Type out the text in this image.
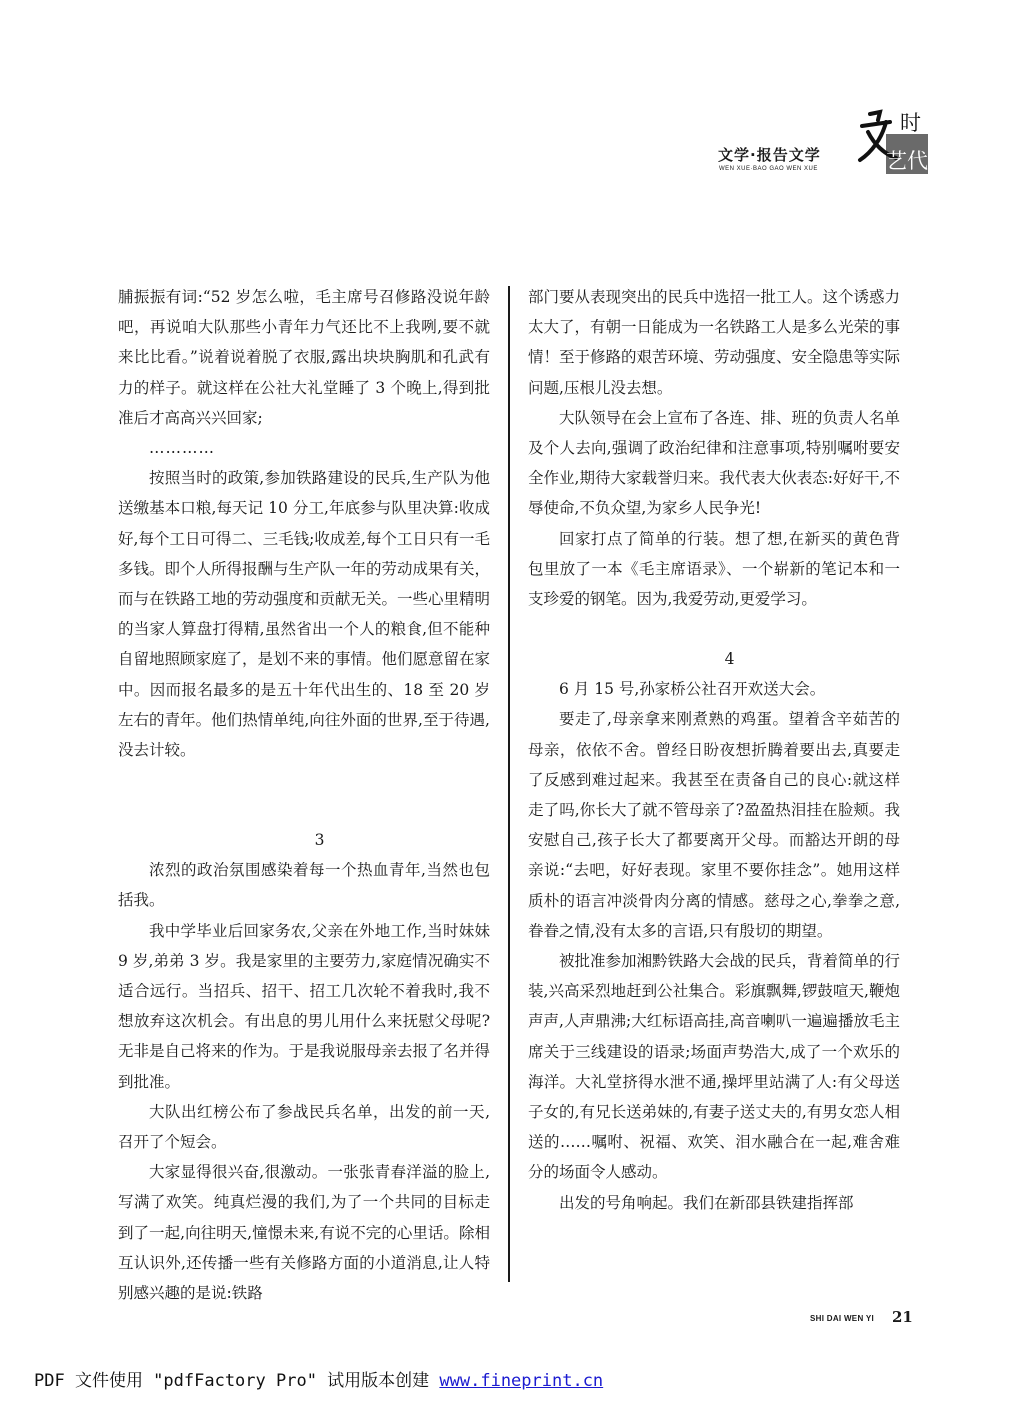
文学·报告文学
WEN XUE·BAO GAO WEN XUE
时
艺 代

脯振振有词:“52 岁怎么啦，毛主席号召修路没说年龄吧，再说咱大队那些小青年力气还比不上我咧,要不就来比比看。”说着说着脱了衣服,露出块块胸肌和孔武有力的样子。就这样在公社大礼堂睡了 3 个晚上,得到批准后才高高兴兴回家;

…………

按照当时的政策,参加铁路建设的民兵,生产队为他送缴基本口粮,每天记 10 分工,年底参与队里决算:收成好,每个工日可得二、三毛钱;收成差,每个工日只有一毛多钱。即个人所得报酬与生产队一年的劳动成果有关，而与在铁路工地的劳动强度和贡献无关。一些心里精明的当家人算盘打得精,虽然省出一个人的粮食,但不能种自留地照顾家庭了，是划不来的事情。他们愿意留在家中。因而报名最多的是五十年代出生的、18 至 20 岁左右的青年。他们热情单纯,向往外面的世界,至于待遇,没去计较。

3

浓烈的政治氛围感染着每一个热血青年,当然也包括我。

我中学毕业后回家务农,父亲在外地工作,当时妹妹 9 岁,弟弟 3 岁。我是家里的主要劳力,家庭情况确实不适合远行。当招兵、招干、招工几次轮不着我时,我不想放弃这次机会。有出息的男儿用什么来抚慰父母呢?无非是自己将来的作为。于是我说服母亲去报了名并得到批准。

大队出红榜公布了参战民兵名单，出发的前一天,召开了个短会。

大家显得很兴奋,很激动。一张张青春洋溢的脸上,写满了欢笑。纯真烂漫的我们,为了一个共同的目标走到了一起,向往明天,憧憬未来,有说不完的心里话。除相互认识外,还传播一些有关修路方面的小道消息,让人特别感兴趣的是说:铁路

部门要从表现突出的民兵中选招一批工人。这个诱惑力太大了，有朝一日能成为一名铁路工人是多么光荣的事情！至于修路的艰苦环境、劳动强度、安全隐患等实际问题,压根儿没去想。

大队领导在会上宣布了各连、排、班的负责人名单及个人去向,强调了政治纪律和注意事项,特别嘱咐要安全作业,期待大家载誉归来。我代表大伙表态:好好干,不辱使命,不负众望,为家乡人民争光!

回家打点了简单的行装。想了想,在新买的黄色背包里放了一本《毛主席语录》、一个崭新的笔记本和一支珍爱的钢笔。因为,我爱劳动,更爱学习。

4

6 月 15 号,孙家桥公社召开欢送大会。

要走了,母亲拿来刚煮熟的鸡蛋。望着含辛茹苦的母亲，依依不舍。曾经日盼夜想折腾着要出去,真要走了反感到难过起来。我甚至在责备自己的良心:就这样走了吗,你长大了就不管母亲了?盈盈热泪挂在脸颊。我安慰自己,孩子长大了都要离开父母。而豁达开朗的母亲说:“去吧，好好表现。家里不要你挂念”。她用这样质朴的语言冲淡骨肉分离的情感。慈母之心,拳拳之意,眷眷之情,没有太多的言语,只有殷切的期望。

被批准参加湘黔铁路大会战的民兵，背着简单的行装,兴高采烈地赶到公社集合。彩旗飘舞,锣鼓喧天,鞭炮声声,人声鼎沸;大红标语高挂,高音喇叭一遍遍播放毛主席关于三线建设的语录;场面声势浩大,成了一个欢乐的海洋。大礼堂挤得水泄不通,操坪里站满了人:有父母送子女的,有兄长送弟妹的,有妻子送丈夫的,有男女恋人相送的……嘱咐、祝福、欢笑、泪水融合在一起,难舍难分的场面令人感动。

出发的号角响起。我们在新邵县铁建指挥部

SHI DAI WEN YI 21
PDF 文件使用 "pdfFactory Pro" 试用版本创建 www.fineprint.cn
